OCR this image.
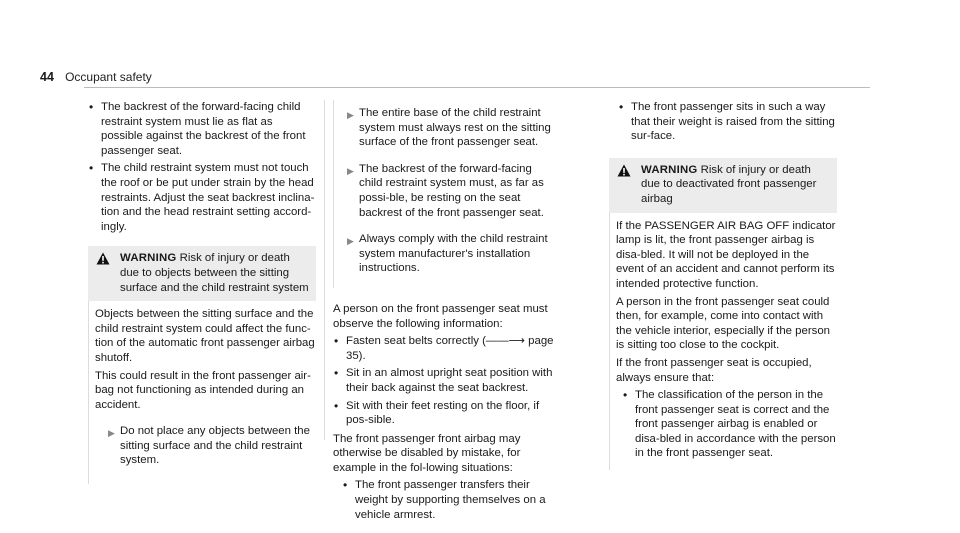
44 Occupant safety
• The backrest of the forward-facing child restraint system must lie as flat as possible against the backrest of the front passenger seat.
• The child restraint system must not touch the roof or be put under strain by the head restraints. Adjust the seat backrest inclina-tion and the head restraint setting accord-ingly.
WARNING Risk of injury or death due to objects between the sitting surface and the child restraint system

Objects between the sitting surface and the child restraint system could affect the func-tion of the automatic front passenger airbag shutoff.

This could result in the front passenger air-bag not functioning as intended during an accident.

▶ Do not place any objects between the sitting surface and the child restraint system.
▶ The entire base of the child restraint system must always rest on the sitting surface of the front passenger seat.
▶ The backrest of the forward-facing child restraint system must, as far as possi-ble, be resting on the seat backrest of the front passenger seat.
▶ Always comply with the child restraint system manufacturer's installation instructions.

A person on the front passenger seat must observe the following information:

• Fasten seat belts correctly (——⟶ page 35).
• Sit in an almost upright seat position with their back against the seat backrest.
• Sit with their feet resting on the floor, if pos-sible.

The front passenger front airbag may otherwise be disabled by mistake, for example in the fol-lowing situations:

• The front passenger transfers their weight by supporting themselves on a vehicle armrest.
• The front passenger sits in such a way that their weight is raised from the sitting sur-face.
WARNING Risk of injury or death due to deactivated front passenger airbag

If the PASSENGER AIR BAG OFF indicator lamp is lit, the front passenger airbag is disa-bled. It will not be deployed in the event of an accident and cannot perform its intended protective function.

A person in the front passenger seat could then, for example, come into contact with the vehicle interior, especially if the person is sitting too close to the cockpit.

If the front passenger seat is occupied, always ensure that:

• The classification of the person in the front passenger seat is correct and the front passenger airbag is enabled or disa-bled in accordance with the person in the front passenger seat.
